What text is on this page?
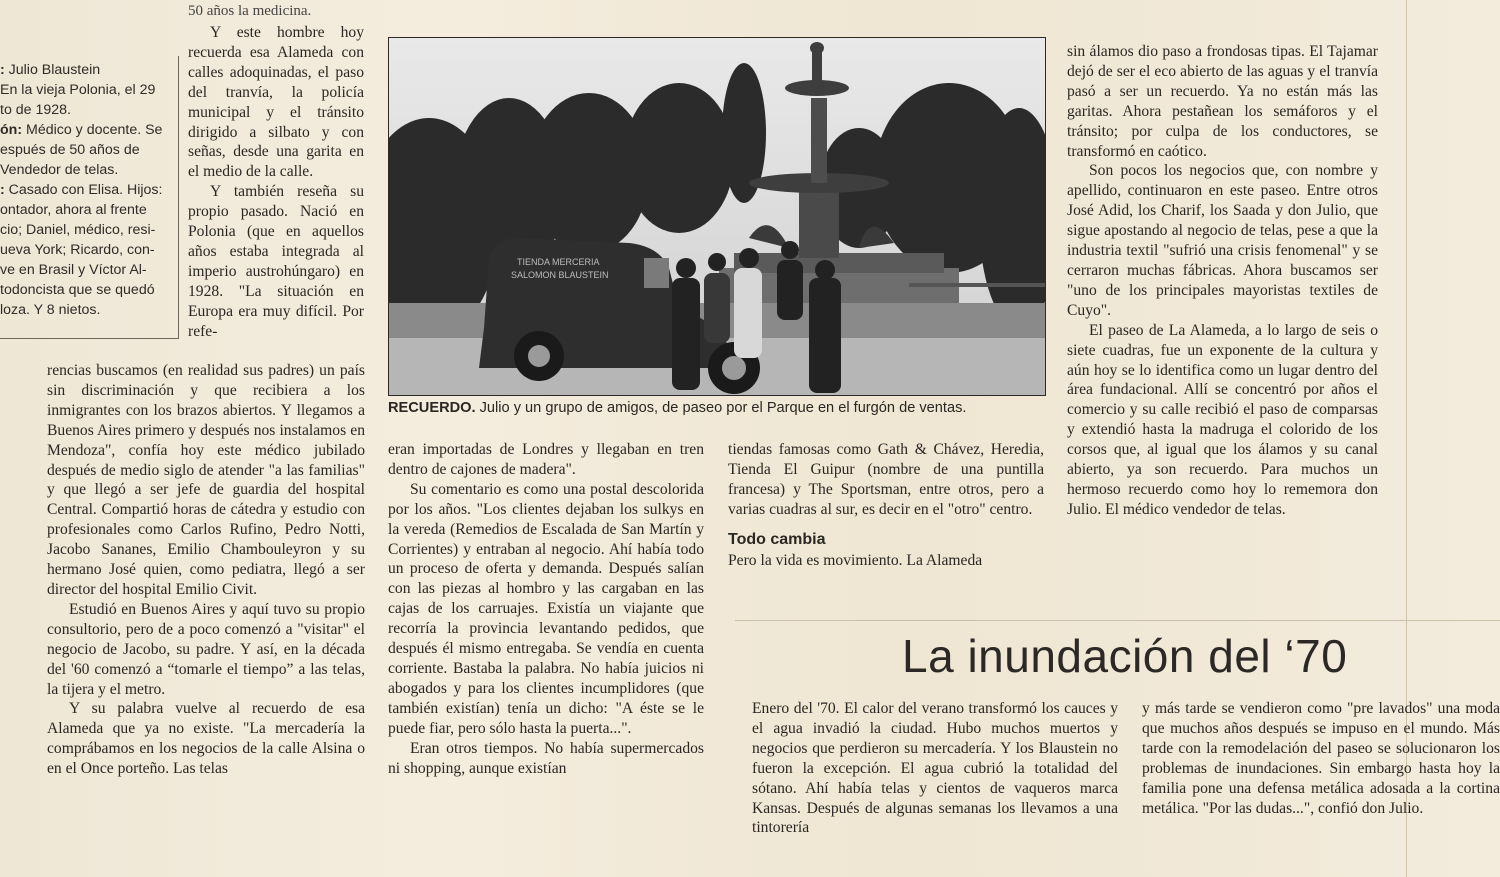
50 años la medicina.
: Julio Blaustein
En la vieja Polonia, el 29
to de 1928.
ón: Médico y docente. Se
espués de 50 años de
Vendedor de telas.
: Casado con Elisa. Hijos:
ontador, ahora al frente
cio; Daniel, médico, resi-
ueva York; Ricardo, con-
ve en Brasil y Víctor Al-
todoncista que se quedó
loza. Y 8 nietos.

Y este hombre hoy recuerda esa Alameda con calles adoquinadas, el paso del tranvía, la policía municipal y el tránsito dirigido a silbato y con señas, desde una garita en el medio de la calle.

Y también reseña su propio pasado. Nació en Polonia (que en aquellos años estaba integrada al imperio austrohúngaro) en 1928. "La situación en Europa era muy difícil. Por refe-

rencias buscamos (en realidad sus padres) un país sin discriminación y que recibiera a los inmigrantes con los brazos abiertos. Y llegamos a Buenos Aires primero y después nos instalamos en Mendoza", confía hoy este médico jubilado después de medio siglo de atender "a las familias" y que llegó a ser jefe de guardia del hospital Central. Compartió horas de cátedra y estudio con profesionales como Carlos Rufino, Pedro Notti, Jacobo Sananes, Emilio Chambouleyron y su hermano José quien, como pediatra, llegó a ser director del hospital Emilio Civit.

Estudió en Buenos Aires y aquí tuvo su propio consultorio, pero de a poco comenzó a "visitar" el negocio de Jacobo, su padre. Y así, en la década del '60 comenzó a “tomarle el tiempo” a las telas, la tijera y el metro.

Y su palabra vuelve al recuerdo de esa Alameda que ya no existe. "La mercadería la comprábamos en los negocios de la calle Alsina o en el Once porteño. Las telas

TIENDA MERCERIA
SALOMON BLAUSTEIN
RECUERDO. Julio y un grupo de amigos, de paseo por el Parque en el furgón de ventas.

eran importadas de Londres y llegaban en tren dentro de cajones de madera".

Su comentario es como una postal descolorida por los años. "Los clientes dejaban los sulkys en la vereda (Remedios de Escalada de San Martín y Corrientes) y entraban al negocio. Ahí había todo un proceso de oferta y demanda. Después salían con las piezas al hombro y las cargaban en las cajas de los carruajes. Existía un viajante que recorría la provincia levantando pedidos, que después él mismo entregaba. Se vendía en cuenta corriente. Bastaba la palabra. No había juicios ni abogados y para los clientes incumplidores (que también existían) tenía un dicho: "A éste se le puede fiar, pero sólo hasta la puerta...".

Eran otros tiempos. No había supermercados ni shopping, aunque existían

tiendas famosas como Gath & Chávez, Heredia, Tienda El Guipur (nombre de una puntilla francesa) y The Sportsman, entre otros, pero a varias cuadras al sur, es decir en el "otro" centro.

Todo cambia

Pero la vida es movimiento. La Alameda

sin álamos dio paso a frondosas tipas. El Tajamar dejó de ser el eco abierto de las aguas y el tranvía pasó a ser un recuerdo. Ya no están más las garitas. Ahora pestañean los semáforos y el tránsito; por culpa de los conductores, se transformó en caótico.

Son pocos los negocios que, con nombre y apellido, continuaron en este paseo. Entre otros José Adid, los Charif, los Saada y don Julio, que sigue apostando al negocio de telas, pese a que la industria textil "sufrió una crisis fenomenal" y se cerraron muchas fábricas. Ahora buscamos ser "uno de los principales mayoristas textiles de Cuyo".

El paseo de La Alameda, a lo largo de seis o siete cuadras, fue un exponente de la cultura y aún hoy se lo identifica como un lugar dentro del área fundacional. Allí se concentró por años el comercio y su calle recibió el paso de comparsas y extendió hasta la madruga el colorido de los corsos que, al igual que los álamos y su canal abierto, ya son recuerdo. Para muchos un hermoso recuerdo como hoy lo rememora don Julio. El médico vendedor de telas.

La inundación del ‘70

Enero del '70. El calor del verano transformó los cauces y el agua invadió la ciudad. Hubo muchos muertos y negocios que perdieron su mercadería. Y los Blaustein no fueron la excepción. El agua cubrió la totalidad del sótano. Ahí había telas y cientos de vaqueros marca Kansas. Después de algunas semanas los llevamos a una tintorería

y más tarde se vendieron como "pre lavados" una moda que muchos años después se impuso en el mundo. Más tarde con la remodelación del paseo se solucionaron los problemas de inundaciones. Sin embargo hasta hoy la familia pone una defensa metálica adosada a la cortina metálica. "Por las dudas...", confió don Julio.
